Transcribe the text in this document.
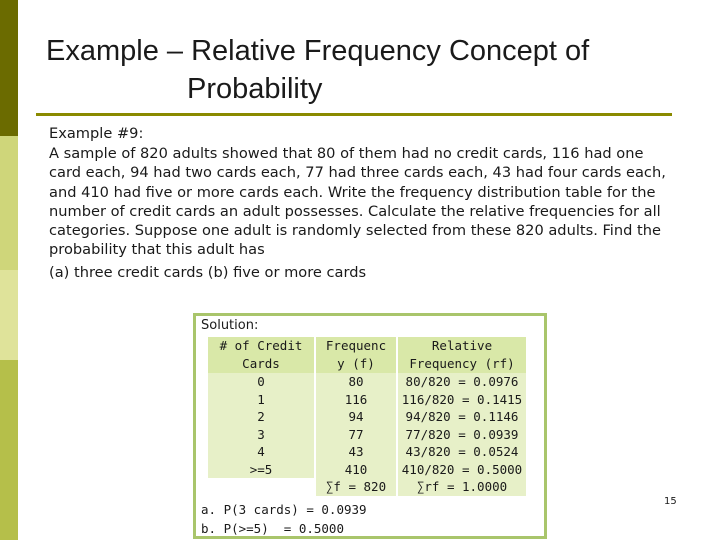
Example – Relative Frequency Concept of
Probability

Example #9:

A sample of 820 adults showed that 80 of them had no credit cards, 116 had one card each, 94 had two cards each, 77 had three cards each, 43 had four cards each, and 410 had five or more cards each. Write the frequency distribution table for the number of credit cards an adult possesses. Calculate the relative frequencies for all categories. Suppose one adult is randomly selected from these 820 adults. Find the probability that this adult has

(a) three credit cards (b) five or more cards

Solution:
# of Credit	Frequenc	Relative
Cards	y (f)	Frequency (rf)
0	80	80/820 = 0.0976
1	116	116/820 = 0.1415
2	94	94/820 = 0.1146
3	77	77/820 = 0.0939
4	43	43/820 = 0.0524
>=5	410	410/820 = 0.5000
	∑f = 820	∑rf = 1.0000
a. P(3 cards) = 0.0939
b. P(>=5)  = 0.5000
15
